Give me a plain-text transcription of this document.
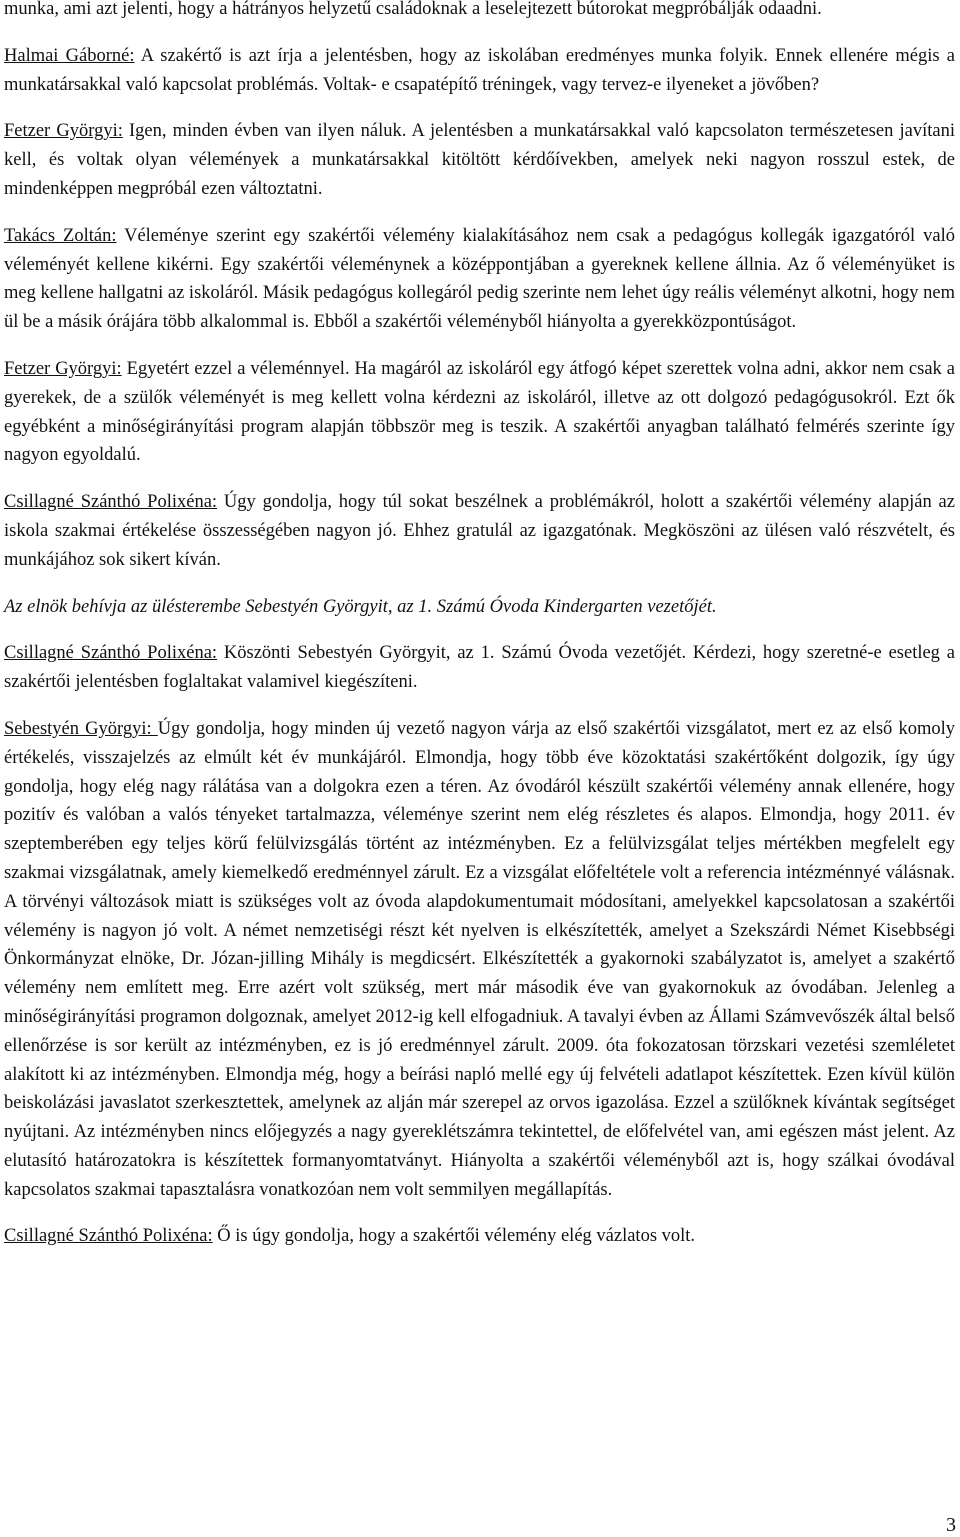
munka, ami azt jelenti, hogy a hátrányos helyzetű családoknak a leselejtezett bútorokat megpróbálják odaadni.

Halmai Gáborné: A szakértő is azt írja a jelentésben, hogy az iskolában eredményes munka folyik. Ennek ellenére mégis a munkatársakkal való kapcsolat problémás. Voltak- e csapatépítő tréningek, vagy tervez-e ilyeneket a jövőben?

Fetzer Györgyi: Igen, minden évben van ilyen náluk. A jelentésben a munkatársakkal való kapcsolaton természetesen javítani kell, és voltak olyan vélemények a munkatársakkal kitöltött kérdőívekben, amelyek neki nagyon rosszul estek, de mindenképpen megpróbál ezen változtatni.

Takács Zoltán: Véleménye szerint egy szakértői vélemény kialakításához nem csak a pedagógus kollegák igazgatóról való véleményét kellene kikérni. Egy szakértői véleménynek a középpontjában a gyereknek kellene állnia. Az ő véleményüket is meg kellene hallgatni az iskoláról. Másik pedagógus kollegáról pedig szerinte nem lehet úgy reális véleményt alkotni, hogy nem ül be a másik órájára több alkalommal is. Ebből a szakértői véleményből hiányolta a gyerekközpontúságot.

Fetzer Györgyi: Egyetért ezzel a véleménnyel. Ha magáról az iskoláról egy átfogó képet szerettek volna adni, akkor nem csak a gyerekek, de a szülők véleményét is meg kellett volna kérdezni az iskoláról, illetve az ott dolgozó pedagógusokról. Ezt ők egyébként a minőségirányítási program alapján többször meg is teszik. A szakértői anyagban található felmérés szerinte így nagyon egyoldalú.

Csillagné Szánthó Polixéna: Úgy gondolja, hogy túl sokat beszélnek a problémákról, holott a szakértői vélemény alapján az iskola szakmai értékelése összességében nagyon jó. Ehhez gratulál az igazgatónak. Megköszöni az ülésen való részvételt, és munkájához sok sikert kíván.

Az elnök behívja az ülésterembe Sebestyén Györgyit, az 1. Számú Óvoda Kindergarten vezetőjét.

Csillagné Szánthó Polixéna: Köszönti Sebestyén Györgyit, az 1. Számú Óvoda vezetőjét. Kérdezi, hogy szeretné-e esetleg a szakértői jelentésben foglaltakat valamivel kiegészíteni.

Sebestyén Györgyi: Úgy gondolja, hogy minden új vezető nagyon várja az első szakértői vizsgálatot, mert ez az első komoly értékelés, visszajelzés az elmúlt két év munkájáról. Elmondja, hogy több éve közoktatási szakértőként dolgozik, így úgy gondolja, hogy elég nagy rálátása van a dolgokra ezen a téren. Az óvodáról készült szakértői vélemény annak ellenére, hogy pozitív és valóban a valós tényeket tartalmazza, véleménye szerint nem elég részletes és alapos. Elmondja, hogy 2011. év szeptemberében egy teljes körű felülvizsgálás történt az intézményben. Ez a felülvizsgálat teljes mértékben megfelelt egy szakmai vizsgálatnak, amely kiemelkedő eredménnyel zárult. Ez a vizsgálat előfeltétele volt a referencia intézménnyé válásnak. A törvényi változások miatt is szükséges volt az óvoda alapdokumentumait módosítani, amelyekkel kapcsolatosan a szakértői vélemény is nagyon jó volt. A német nemzetiségi részt két nyelven is elkészítették, amelyet a Szekszárdi Német Kisebbségi Önkormányzat elnöke, Dr. Józan-jilling Mihály is megdicsért. Elkészítették a gyakornoki szabályzatot is, amelyet a szakértő vélemény nem említett meg. Erre azért volt szükség, mert már második éve van gyakornokuk az óvodában. Jelenleg a minőségirányítási programon dolgoznak, amelyet 2012-ig kell elfogadniuk. A tavalyi évben az Állami Számvevőszék által belső ellenőrzése is sor került az intézményben, ez is jó eredménnyel zárult. 2009. óta fokozatosan törzskari vezetési szemléletet alakított ki az intézményben. Elmondja még, hogy a beírási napló mellé egy új felvételi adatlapot készítettek. Ezen kívül külön beiskolázási javaslatot szerkesztettek, amelynek az alján már szerepel az orvos igazolása. Ezzel a szülőknek kívántak segítséget nyújtani. Az intézményben nincs előjegyzés a nagy gyereklétszámra tekintettel, de előfelvétel van, ami egészen mást jelent. Az elutasító határozatokra is készítettek formanyomtatványt. Hiányolta a szakértői véleményből azt is, hogy szálkai óvodával kapcsolatos szakmai tapasztalásra vonatkozóan nem volt semmilyen megállapítás.

Csillagné Szánthó Polixéna: Ő is úgy gondolja, hogy a szakértői vélemény elég vázlatos volt.

3
